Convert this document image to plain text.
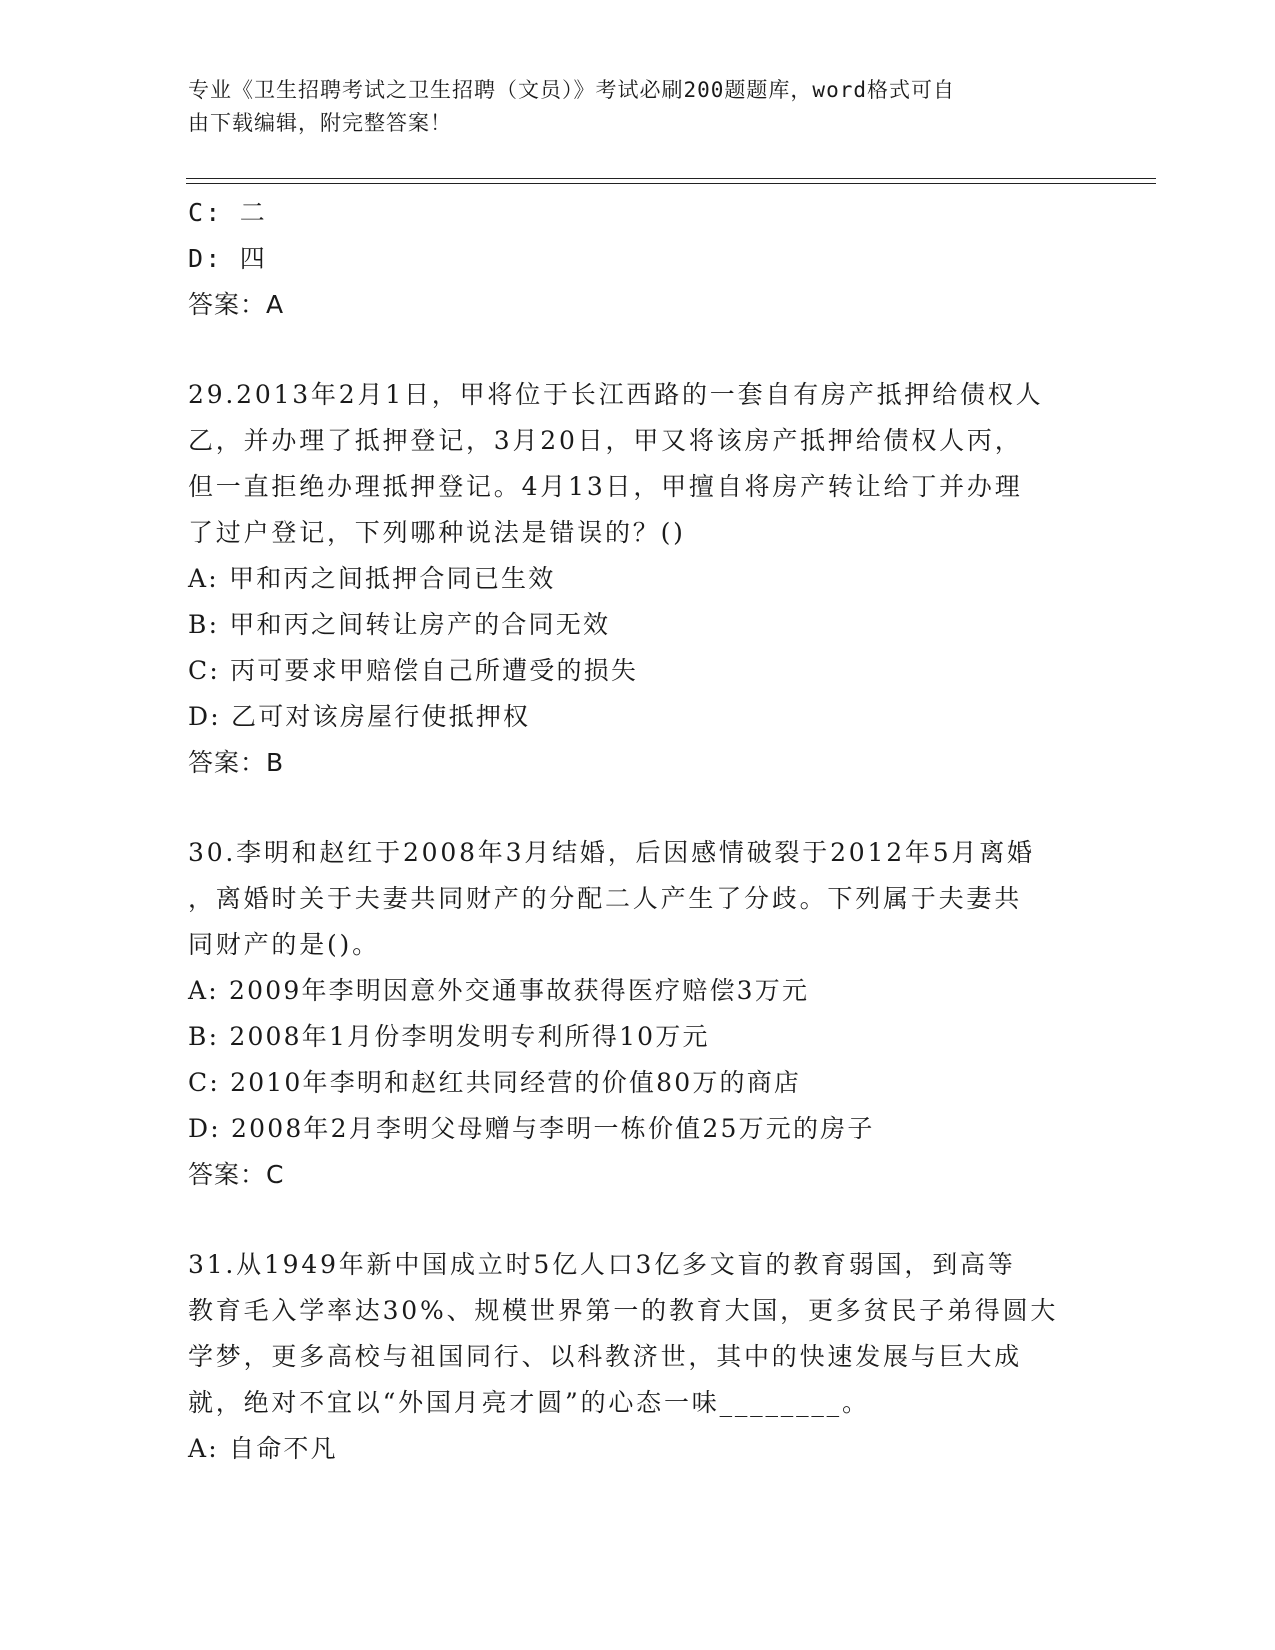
专业《卫生招聘考试之卫生招聘（文员）》考试必刷200题题库，word格式可自
由下载编辑，附完整答案！
C: 二
D: 四
答案：A
29.2013年2月1日，甲将位于长江西路的一套自有房产抵押给债权人
乙，并办理了抵押登记，3月20日，甲又将该房产抵押给债权人丙，
但一直拒绝办理抵押登记。4月13日，甲擅自将房产转让给丁并办理
了过户登记，下列哪种说法是错误的？()
A: 甲和丙之间抵押合同已生效
B: 甲和丙之间转让房产的合同无效
C: 丙可要求甲赔偿自己所遭受的损失
D: 乙可对该房屋行使抵押权
答案：B
30.李明和赵红于2008年3月结婚，后因感情破裂于2012年5月离婚
，离婚时关于夫妻共同财产的分配二人产生了分歧。下列属于夫妻共
同财产的是()。
A: 2009年李明因意外交通事故获得医疗赔偿3万元
B: 2008年1月份李明发明专利所得10万元
C: 2010年李明和赵红共同经营的价值80万的商店
D: 2008年2月李明父母赠与李明一栋价值25万元的房子
答案：C
31.从1949年新中国成立时5亿人口3亿多文盲的教育弱国，到高等
教育毛入学率达30%、规模世界第一的教育大国，更多贫民子弟得圆大
学梦，更多高校与祖国同行、以科教济世，其中的快速发展与巨大成
就，绝对不宜以“外国月亮才圆”的心态一味________。
A: 自命不凡
